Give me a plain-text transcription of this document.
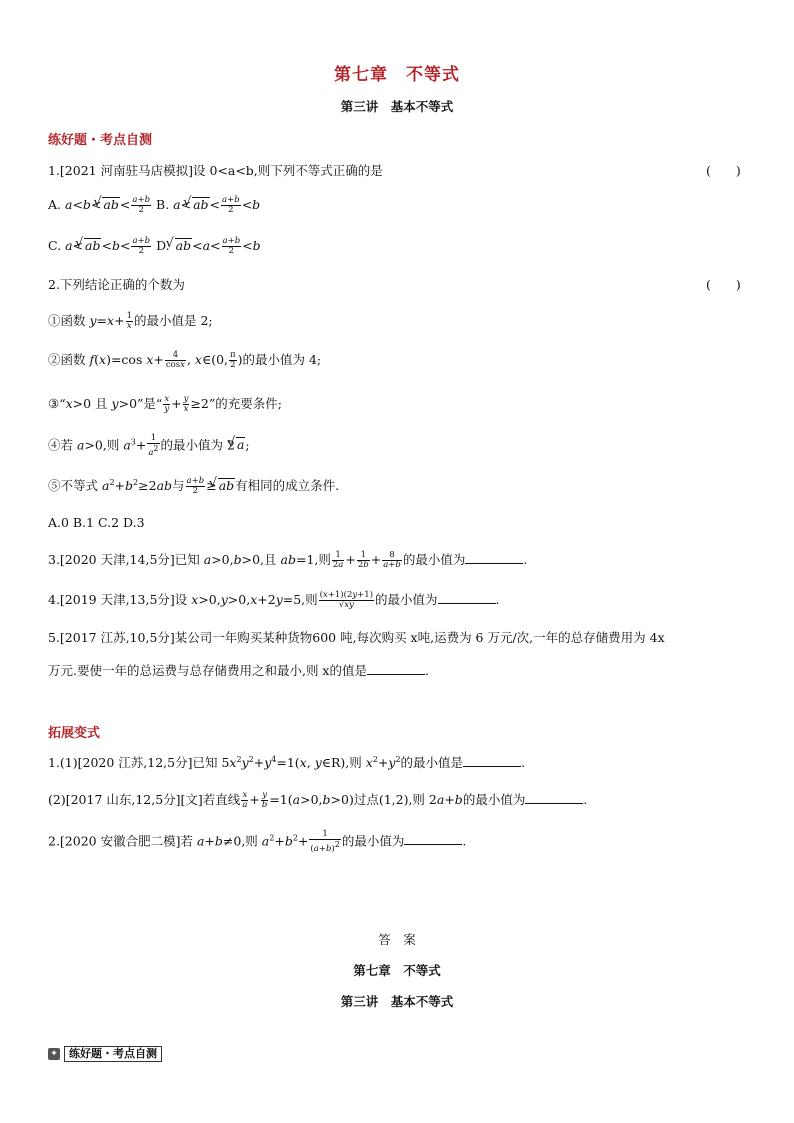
第七章　不等式
第三讲　基本不等式
练好题・考点自测
1.[2021 河南驻马店模拟]设 0<a<b,则下列不等式正确的是	(　　)
A. a<b< √ $ab< \frac{a+b}{2} B$. a< √ $ab< \frac{a+b}{2} <b$
C. a< √ $ab<b< \frac{a+b}{2} D$. √ $ab<a< \frac{a+b}{2} <b$
2.下列结论正确的个数为	(　　)
①函数 $y=x+ \frac{1}{x}$ 的最小值是 2;
②函数 f(x)=cos $x+ \frac{4}{\cos x}$ , x∈(0, $\frac{\pi}{2}$ )的最小值为 4;
③“x>0 且 y>0”是“ $\frac{x}{y} + \frac{y}{x} \ge 2$”的充要条件;
④若 a>0,则 $a^3+ \frac{1}{a^2}$ 的最小值为 2 √ a;
⑤不等式 $a^2+b^2\ge 2ab$与 $\frac{a+b}{2}$ ≥ √ ab有相同的成立条件.
A.0 B.1 C.2 D.3
3.[2020 天津,14,5分]已知 a>0,b>0,且 ab=1,则 $\frac{1}{2a} + \frac{1}{2b} + \frac{8}{a+b}$ 的最小值为	.
4.[2019 天津,13,5分]设 x>0,y>0,x+2y=5,则 $\frac{(x+1)(2y+1)}{√xy}$ 的最小值为	.
5.[2017 江苏,10,5分]某公司一年购买某种货物600 吨,每次购买 x吨,运费为 6 万元/次,一年的总存储费用为 4x
万元.要使一年的总运费与总存储费用之和最小,则 x的值是	.
拓展变式
1.(1)[2020 江苏,12,5分]已知 $5x^2y^2+y^4=1(x$, y∈R),则 $x^2+y^2$的最小值是	.
(2)[2017 山东,12,5分][文]若直线 $\frac{x}{a} + \frac{y}{b} =1(a>0,b>0)$过点(1,2),则 2a+b的最小值为	.
2.[2020 安徽合肥二模]若 a+b≠0,则 $a^2+b^2+ \frac{1}{(a+b)^2}$ 的最小值为	.
答　案
第七章　不等式
第三讲　基本不等式
✦	练好题・考点自测
